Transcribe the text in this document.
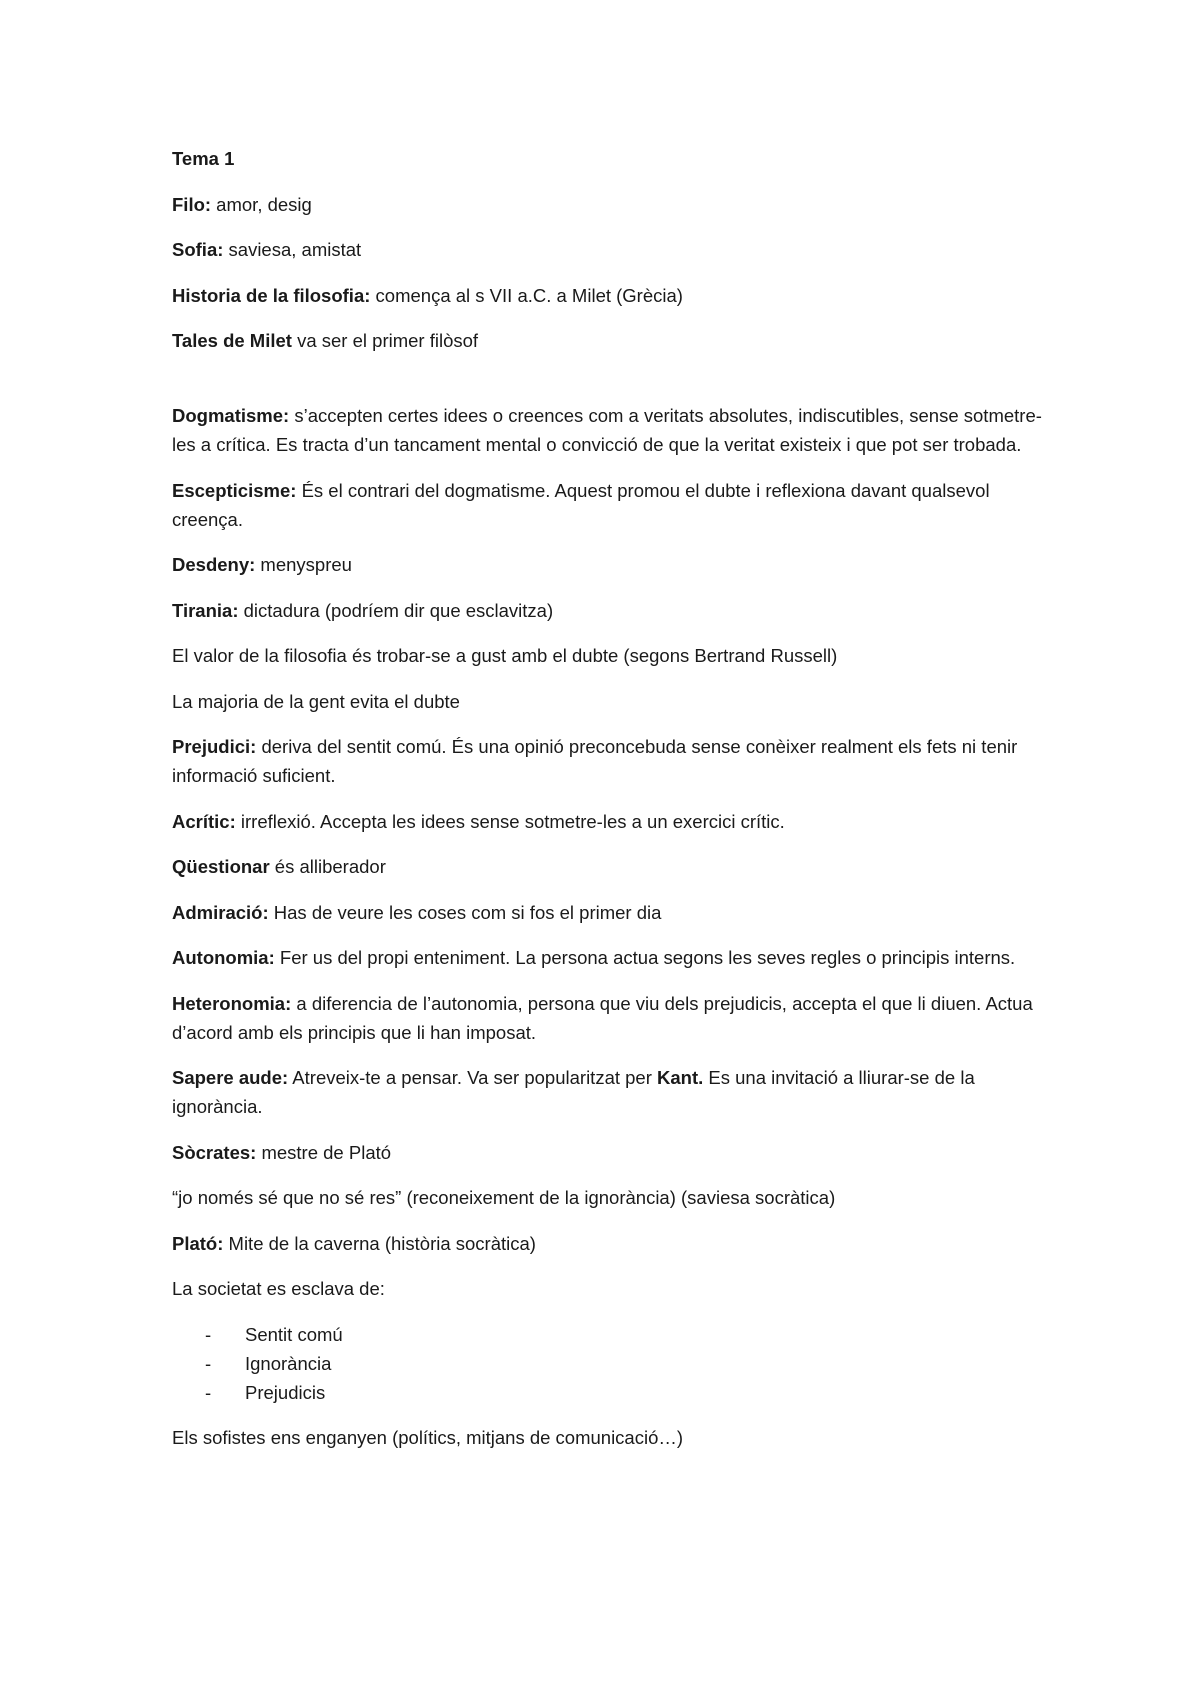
Tema 1

Filo: amor, desig

Sofia: saviesa, amistat

Historia de la filosofia: comença al s VII a.C. a Milet (Grècia)

Tales de Milet va ser el primer filòsof

Dogmatisme: s’accepten certes idees o creences com a veritats absolutes, indiscutibles, sense sotmetre-les a crítica. Es tracta d’un tancament mental o convicció de que la veritat existeix i que pot ser trobada.

Escepticisme: És el contrari del dogmatisme. Aquest promou el dubte i reflexiona davant qualsevol creença.

Desdeny: menyspreu

Tirania: dictadura (podríem dir que esclavitza)

El valor de la filosofia és trobar-se a gust amb el dubte (segons Bertrand Russell)

La majoria de la gent evita el dubte

Prejudici: deriva del sentit comú. És una opinió preconcebuda sense conèixer realment els fets ni tenir informació suficient.

Acrític: irreflexió. Accepta les idees sense sotmetre-les a un exercici crític.

Qüestionar és alliberador

Admiració: Has de veure les coses com si fos el primer dia

Autonomia: Fer us del propi enteniment. La persona actua segons les seves regles o principis interns.

Heteronomia: a diferencia de l’autonomia, persona que viu dels prejudicis, accepta el que li diuen. Actua d’acord amb els principis que li han imposat.

Sapere aude: Atreveix-te a pensar. Va ser popularitzat per Kant. Es una invitació a lliurar-se de la ignorància.

Sòcrates: mestre de Plató

“jo només sé que no sé res” (reconeixement de la ignorància) (saviesa socràtica)

Plató: Mite de la caverna (història socràtica)

La societat es esclava de:

- Sentit comú
- Ignorància
- Prejudicis

Els sofistes ens enganyen (polítics, mitjans de comunicació…)
